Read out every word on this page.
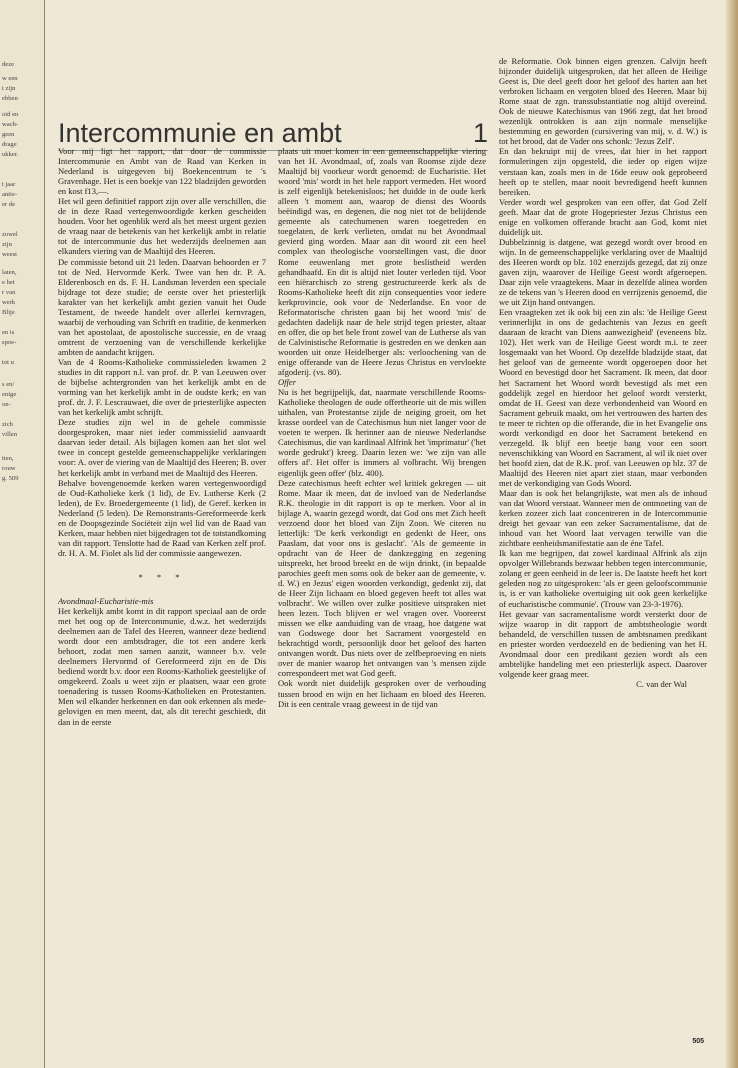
deze
w een
t zijn
ebben
oid en
wach-
geen
drage
ukker.
t jaar
antie-
er de
zowel
zijn
weest
laten,
e het
r van
werk
Blije
en is
spoe-
tot u
s en/
enige
on-
zich
villen
tten,
rouw
g. 509
Intercommunie en ambt	1

Voor mij ligt het rapport, dat door de commissie Intercommunie en Ambt van de Raad van Kerken in Nederland is uitgegeven bij Boekencentrum te 's Gravenhage. Het is een boekje van 122 bladzijden geworden en kost f13,—.

Het wil geen definitief rapport zijn over alle verschillen, die de in deze Raad vertegenwoordigde kerken gescheiden houden. Voor het ogenblik werd als het meest urgent gezien de vraag naar de betekenis van het kerkelijk ambt in relatie tot de intercommunie dus het wederzijds deelnemen aan elkanders viering van de Maaltijd des Heeren.

De commissie betond uit 21 leden. Daarvan behoorden er 7 tot de Ned. Hervormde Kerk. Twee van hen dr. P. A. Elderenbosch en ds. F. H. Landsman leverden een speciale bijdrage tot deze studie; de eerste over het priesterlijk karakter van het kerkelijk ambt gezien vanuit het Oude Testament, de tweede handelt over allerlei kernvragen, waarbij de verhouding van Schrift en traditie, de kenmerken van het apostolaat, de apostolische successie, en de vraag omtrent de verzoening van de verschillende kerkelijke ambten de aandacht krijgen.

Van de 4 Rooms-Katholieke commissieleden kwamen 2 studies in dit rapport n.l. van prof. dr. P. van Leeuwen over de bijbelse achtergronden van het kerkelijk ambt en de vorming van het kerkelijk ambt in de oudste kerk; en van prof. dr. J. F. Lescrauwaet, die over de priesterlijke aspecten van het kerkelijk ambt schrijft.

Deze studies zijn wel in de gehele commissie doorgesproken, maar niet ieder commissielid aanvaardt daarvan ieder detail. Als bijlagen komen aan het slot wel twee in concept gestelde gemeenschappelijke verklaringen voor: A. over de viering van de Maaltijd des Heeren; B. over het kerkelijk ambt in verband met de Maaltijd des Heeren.

Behalve bovengenoemde kerken waren vertegenwoordigd de Oud-Katholieke kerk (1 lid), de Ev. Lutherse Kerk (2 leden), de Ev. Broedergemeente (1 lid), de Geref. kerken in Nederland (5 leden). De Remonstrants-Gereformeerde kerk en de Doopsgezinde Sociëteit zijn wel lid van de Raad van Kerken, maar hebben niet bijgedragen tot de totstandkoming van dit rapport. Tenslotte had de Raad van Kerken zelf prof. dr. H. A. M. Fiolet als lid der commissie aangewezen.

* * *

Avondmaal-Eucharistie-mis

Het kerkelijk ambt komt in dit rapport speciaal aan de orde met het oog op de Intercommunie, d.w.z. het wederzijds deelnemen aan de Tafel des Heeren, wanneer deze bediend wordt door een ambtsdrager, die tot een andere kerk behoort, zodat men samen aanzit, wanneer b.v. vele deelnemers Hervormd of Gereformeerd zijn en de Dis bediend wordt b.v. door een Rooms-Katholiek geestelijke of omgekeerd. Zoals u weet zijn er plaatsen, waar een grote toenadering is tussen Rooms-Katholieken en Protestanten. Men wil elkander herkennen en dan ook erkennen als mede-gelovigen en men meent, dat, als dit terecht geschiedt, dit dan in de eerste

plaats uit moet komen in een gemeenschappelijke viering van het H. Avondmaal, of, zoals van Roomse zijde deze Maaltijd bij voorkeur wordt genoemd: de Eucharistie. Het woord 'mis' wordt in het hele rapport vermeden. Het woord is zelf eigenlijk betekenisloos; het duidde in de oude kerk alleen 't moment aan, waarop de dienst des Woords beëindigd was, en degenen, die nog niet tot de belijdende gemeente als catechumenen waren toegetreden en toegelaten, de kerk verlieten, omdat nu het Avondmaal gevierd ging worden. Maar aan dit woord zit een heel complex van theologische voorstellingen vast, die door Rome eeuwenlang met grote beslistheid werden gehandhaafd. En dit is altijd niet louter verleden tijd. Voor een hiërarchisch zo streng gestructureerde kerk als de Rooms-Katholieke heeft dit zijn consequenties voor iedere kerkprovincie, ook voor de Nederlandse. En voor de Reformatorische christen gaan bij het woord 'mis' de gedachten dadelijk naar de hele strijd tegen priester, altaar en offer, die op het hele front zowel van de Lutherse als van de Calvinistische Reformatie is gestreden en we denken aan woorden uit onze Heidelberger als: verloochening van de enige offerande van de Heere Jezus Christus en vervloekte afgoderij. (vs. 80).

Offer

Nu is het begrijpelijk, dat, naarmate verschillende Rooms-Katholieke theologen de oude offertheorie uit de mis willen uithalen, van Protestantse zijde de neiging groeit, om het krasse oordeel van de Catechismus hun niet langer voor de voeten te werpen. Ik herinner aan de nieuwe Nederlandse Catechismus, die van kardinaal Alfrink het 'imprimatur' ('het worde gedrukt') kreeg. Daarin lezen we: 'we zijn van alle offers af'. Het offer is immers al volbracht. Wij brengen eigenlijk geen offer' (blz. 400).

Deze catechismus heeft echter wel kritiek gekregen — uit Rome. Maar ik meen, dat de invloed van de Nederlandse R.K. theologie in dit rapport is op te merken. Voor al in bijlage A, waarin gezegd wordt, dat God ons met Zich heeft verzoend door het bloed van Zijn Zoon. We citeren nu letterlijk: 'De kerk verkondigt en gedenkt de Heer, ons Paaslam, dat voor ons is geslacht'. 'Als de gemeente in opdracht van de Heer de dankzegging en zegening uitspreekt, het brood breekt en de wijn drinkt, (in bepaalde parochies geeft men soms ook de beker aan de gemeente, v. d. W.) en Jezus' eigen woorden verkondigt, gedenkt zij, dat de Heer Zijn lichaam en bloed gegeven heeft tot alles wat volbracht'. We willen over zulke positieve uitspraken niet heen lezen. Toch blijven er wel vragen over. Vooreerst missen we elke aanduiding van de vraag, hoe datgene wat van Godswege door het Sacrament voorgesteld en bekrachtigd wordt, persoonlijk door het geloof des harten ontvangen wordt. Dus niets over de zelfbeproeving en niets over de manier waarop het ontvangen van 's mensen zijde correspondeert met wat God geeft.

Ook wordt niet duidelijk gesproken over de verhouding tussen brood en wijn en het lichaam en bloed des Heeren. Dit is een centrale vraag geweest in de tijd van

de Reformatie. Ook binnen eigen grenzen. Calvijn heeft bijzonder duidelijk uitgesproken, dat het alleen de Heilige Geest is, Die deel geeft door het geloof des harten aan het verbroken lichaam en vergoten bloed des Heeren. Maar bij Rome staat de zgn. transsubstantiatie nog altijd overeind. Ook de nieuwe Katechismus van 1966 zegt, dat het brood wezenlijk ontrokken is aan zijn normale menselijke bestemming en geworden (cursivering van mij, v. d. W.) is tot het brood, dat de Vader ons schonk: 'Jezus Zelf'.

En dan bekruipt mij de vrees, dat hier in het rapport formuleringen zijn opgesteld, die ieder op eigen wijze verstaan kan, zoals men in de 16de eeuw ook geprobeerd heeft op te stellen, maar nooit bevredigend heeft kunnen bereiken.

Verder wordt wel gesproken van een offer, dat God Zelf geeft. Maar dat de grote Hogepriester Jezus Christus een enige en volkomen offerande bracht aan God, komt niet duidelijk uit.

Dubbelzinnig is datgene, wat gezegd wordt over brood en wijn. In de gemeenschappelijke verklaring over de Maaltijd des Heeren wordt op blz. 102 enerzijds gezegd, dat zij onze gaven zijn, waarover de Heilige Geest wordt afgeroepen. Daar zijn vele vraagtekens. Maar in dezelfde alinea worden ze de tekens van 's Heeren dood en verrijzenis genoemd, die we uit Zijn hand ontvangen.

Een vraagteken zet ik ook bij een zin als: 'de Heilige Geest verinnerlijkt in ons de gedachtenis van Jezus en geeft daaraan de kracht van Diens aanwezigheid' (eveneens blz. 102). Het werk van de Heilige Geest wordt m.i. te zeer losgemaakt van het Woord. Op dezelfde bladzijde staat, dat het geloof van de gemeente wordt opgeroepen door het Woord en bevestigd door het Sacrament. Ik meen, dat door het Sacrament het Woord wordt bevestigd als met een goddelijk zegel en hierdoor het geloof wordt versterkt, omdat de H. Geest van deze verbondenheid van Woord en Sacrament gebruik maakt, om het vertrouwen des harten des te meer te richten op die offerande, die in het Evangelie ons wordt verkondigd en door het Sacrament betekend en verzegeld. Ik blijf een beetje bang voor een soort nevenschikking van Woord en Sacrament, al wil ik niet over het hoofd zien, dat de R.K. prof. van Leeuwen op blz. 37 de Maaltijd des Heeren niet apart ziet staan, maar verbonden met de verkondiging van Gods Woord.

Maar dan is ook het belangrijkste, wat men als de inhoud van dat Woord verstaat. Wanneer men de ontmoeting van de kerken zozeer zich laat concentreren in de Intercommunie dreigt het gevaar van een zeker Sacramentalisme, dat de inhoud van het Woord laat vervagen terwille van die zichtbare eenheidsmanifestatie aan de éne Tafel.

Ik kan me begrijpen, dat zowel kardinaal Alfrink als zijn opvolger Willebrands bezwaar hebben tegen intercommunie, zolang er geen eenheid in de leer is. De laatste heeft het kort geleden nog zo uitgesproken: 'als er geen geloofscommunie is, is er van katholieke overtuiging uit ook geen kerkelijke of eucharistische communie'. (Trouw van 23-3-1976).

Het gevaar van sacramentalisme wordt versterkt door de wijze waarop in dit rapport de ambtstheologie wordt behandeld, de verschillen tussen de ambtsnamen predikant en priester worden verdoezeld en de bediening van het H. Avondmaal door een predikant gezien wordt als een ambtelijke handeling met een priesterlijk aspect. Daarover volgende keer graag meer.

C. van der Wal

505
